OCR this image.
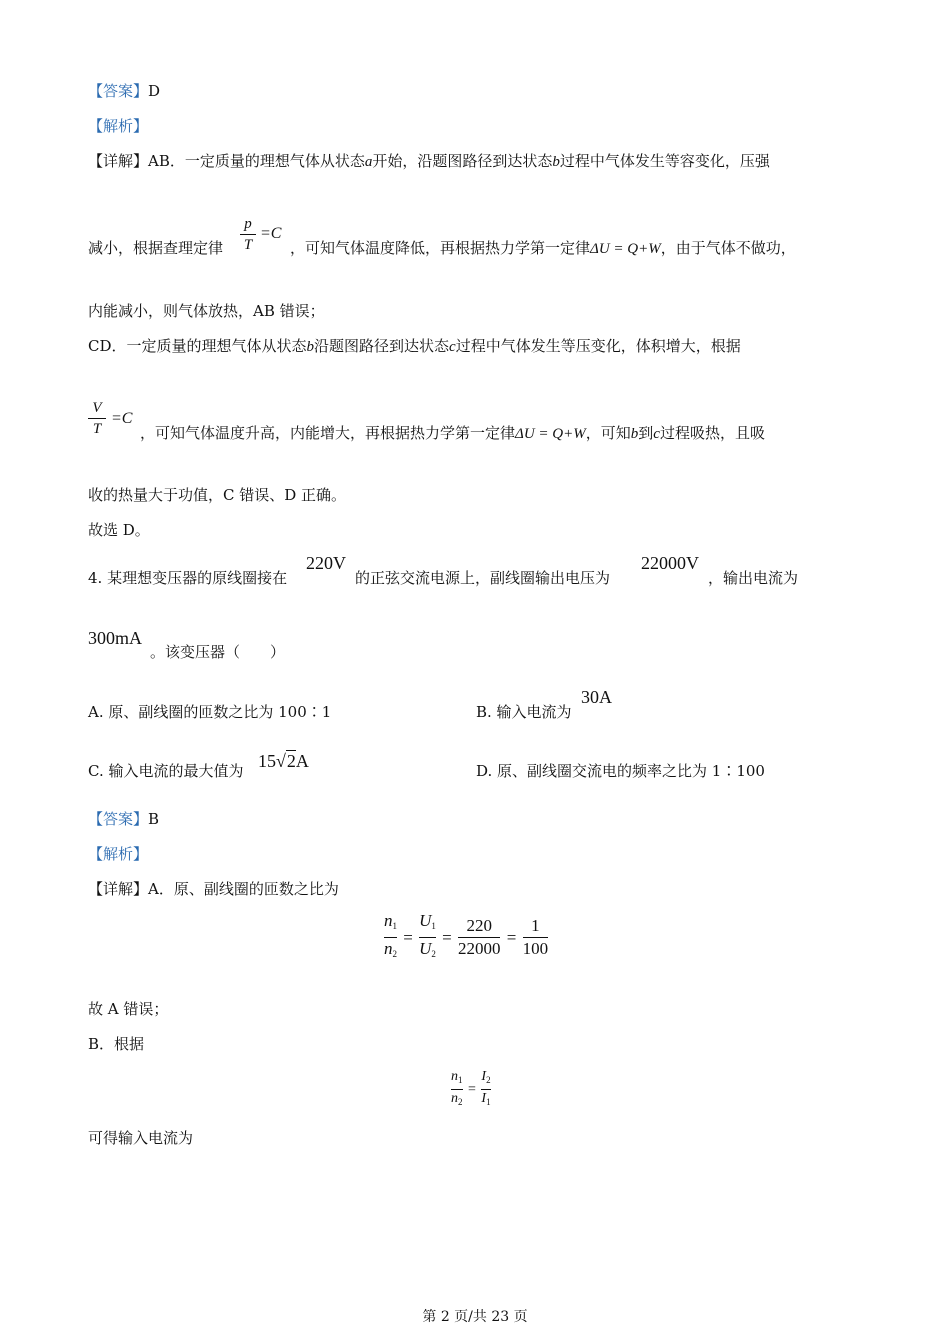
【答案】D
【解析】
【详解】AB．一定质量的理想气体从状态a开始，沿题图路径到达状态b过程中气体发生等容变化，压强
p
T
=C
减小，根据查理定律	，可知气体温度降低，再根据热力学第一定律ΔU = Q+W，由于气体不做功，
内能减小，则气体放热，AB 错误；
CD．一定质量的理想气体从状态b沿题图路径到达状态c过程中气体发生等压变化，体积增大，根据
V
T
=C
，可知气体温度升高，内能增大，再根据热力学第一定律ΔU = Q+W，可知b到c过程吸热，且吸
收的热量大于功值，C 错误、D 正确。
故选 D。
4. 某理想变压器的原线圈接在
220V
的正弦交流电源上，副线圈输出电压为
22000V
，输出电流为
300mA
。该变压器（　　）
A. 原、副线圈的匝数之比为 100∶1	B. 输入电流为
30A
C. 输入电流的最大值为 15√2A	D. 原、副线圈交流电的频率之比为 1∶100
【答案】B
【解析】
【详解】A．原、副线圈的匝数之比为
$\frac{n_1}{n_2} = \frac{U_1}{U_2} = \frac{220}{22000} = \frac{1}{100}$
故 A 错误；
B．根据
$\frac{n_1}{n_2} = \frac{I_2}{I_1}$
可得输入电流为
第 2 页/共 23 页
